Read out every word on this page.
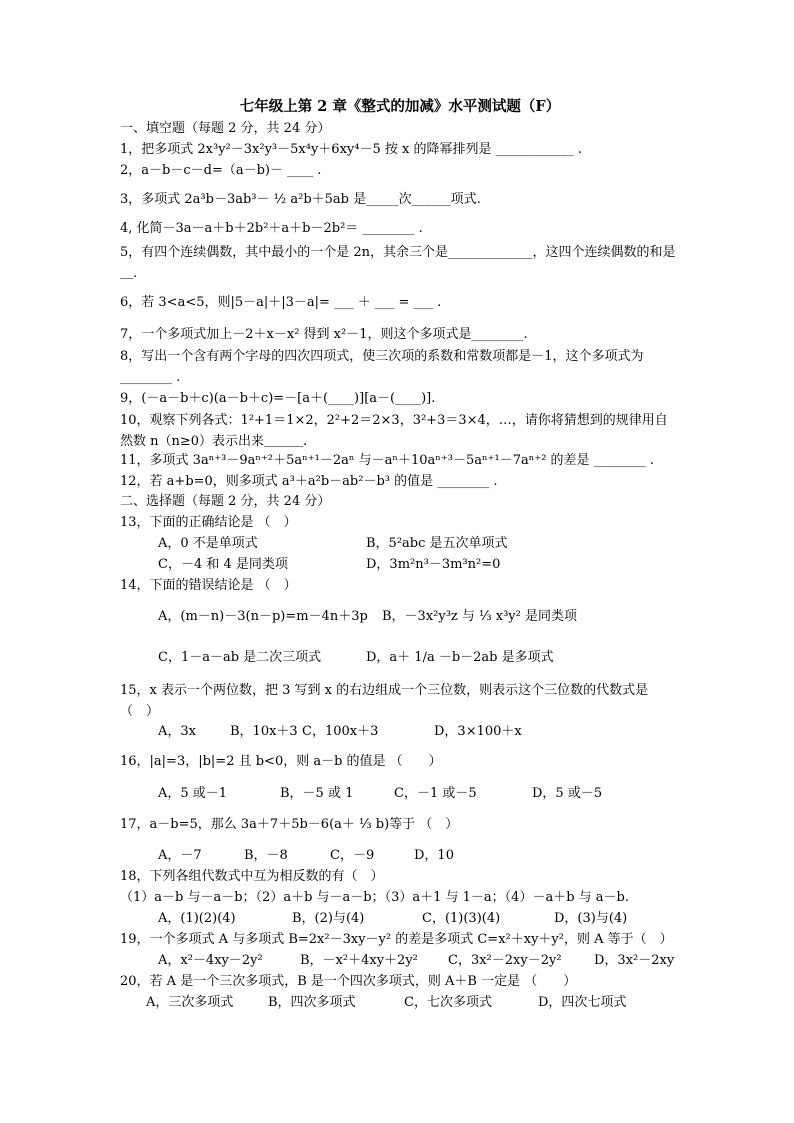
七年级上第 2 章《整式的加减》水平测试题（F）
一、填空题（每题 2 分，共 24 分）
1，把多项式 2x³y²－3x²y³－5x⁴y＋6xy⁴－5 按 x 的降幂排列是 ____________ .
2，a－b－c－d=（a－b)－ ____ .
3，多项式 2a³b－3ab³－ ½ a²b＋5ab 是_____次______项式.
4, 化简－3a－a＋b＋2b²＋a＋b－2b²＝ ________ .
5，有四个连续偶数，其中最小的一个是 2n，其余三个是_____________，这四个连续偶数的和是＿.
6，若 3<a<5，则|5－a|＋|3－a|= ___ ＋ ___ = ___ .
7，一个多项式加上－2＋x－x² 得到 x²－1，则这个多项式是________.
8，写出一个含有两个字母的四次四项式，使三次项的系数和常数项都是－1，这个多项式为 ________ .
9，(－a－b＋c)(a－b＋c)=－[a＋(____)][a－(____)].
10，观察下列各式：1²+1＝1×2，2²+2＝2×3，3²+3＝3×4，…，请你将猜想到的规律用自然数 n（n≥0）表示出来＿＿＿.
11，多项式 3aⁿ⁺³－9aⁿ⁺²＋5aⁿ⁺¹－2aⁿ 与－aⁿ＋10aⁿ⁺³－5aⁿ⁺¹－7aⁿ⁺² 的差是 ________ .
12，若 a+b=0，则多项式 a³＋a²b－ab²－b³ 的值是 ________ .
二、选择题（每题 2 分，共 24 分）
13，下面的正确结论是 （　）
A，0 不是单项式	B，5²abc 是五次单项式
C，－4 和 4 是同类项	D，3m²n³－3m³n²=0
14，下面的错误结论是 （　）
A，(m－n)－3(n－p)=m－4n＋3p B，－3x²y³z 与 ⅓ x³y² 是同类项
C，1－a－ab 是二次三项式	D，a＋ 1/a －b－2ab 是多项式
15，x 表示一个两位数，把 3 写到 x 的右边组成一个三位数，则表示这个三位数的代数式是（　）
A，3x	B，10x＋3 C，100x＋3	D，3×100＋x
16，|a|=3，|b|=2 且 b<0，则 a－b 的值是 （　　）
A，5 或－1	B，－5 或 1	C，－1 或－5	D，5 或－5
17，a－b=5，那么 3a＋7＋5b－6(a＋ ⅓ b)等于 （　）
A，－7	B，－8	C，－9	D，10
18，下列各组代数式中互为相反数的有（　）
（1）a－b 与－a－b；（2）a＋b 与－a－b；（3）a＋1 与 1－a；（4）－a＋b 与 a－b.
A，(1)(2)(4)	B，(2)与(4)	C，(1)(3)(4)	D，(3)与(4)
19，一个多项式 A 与多项式 B=2x²－3xy－y² 的差是多项式 C=x²＋xy＋y²，则 A 等于（　）
A，x²－4xy－2y²	B，－x²＋4xy＋2y² C，3x²－2xy－2y² D，3x²－2xy
20，若 A 是一个三次多项式，B 是一个四次多项式，则 A＋B 一定是 （　　）
A，三次多项式	B，四次多项式	C，七次多项式	D，四次七项式
